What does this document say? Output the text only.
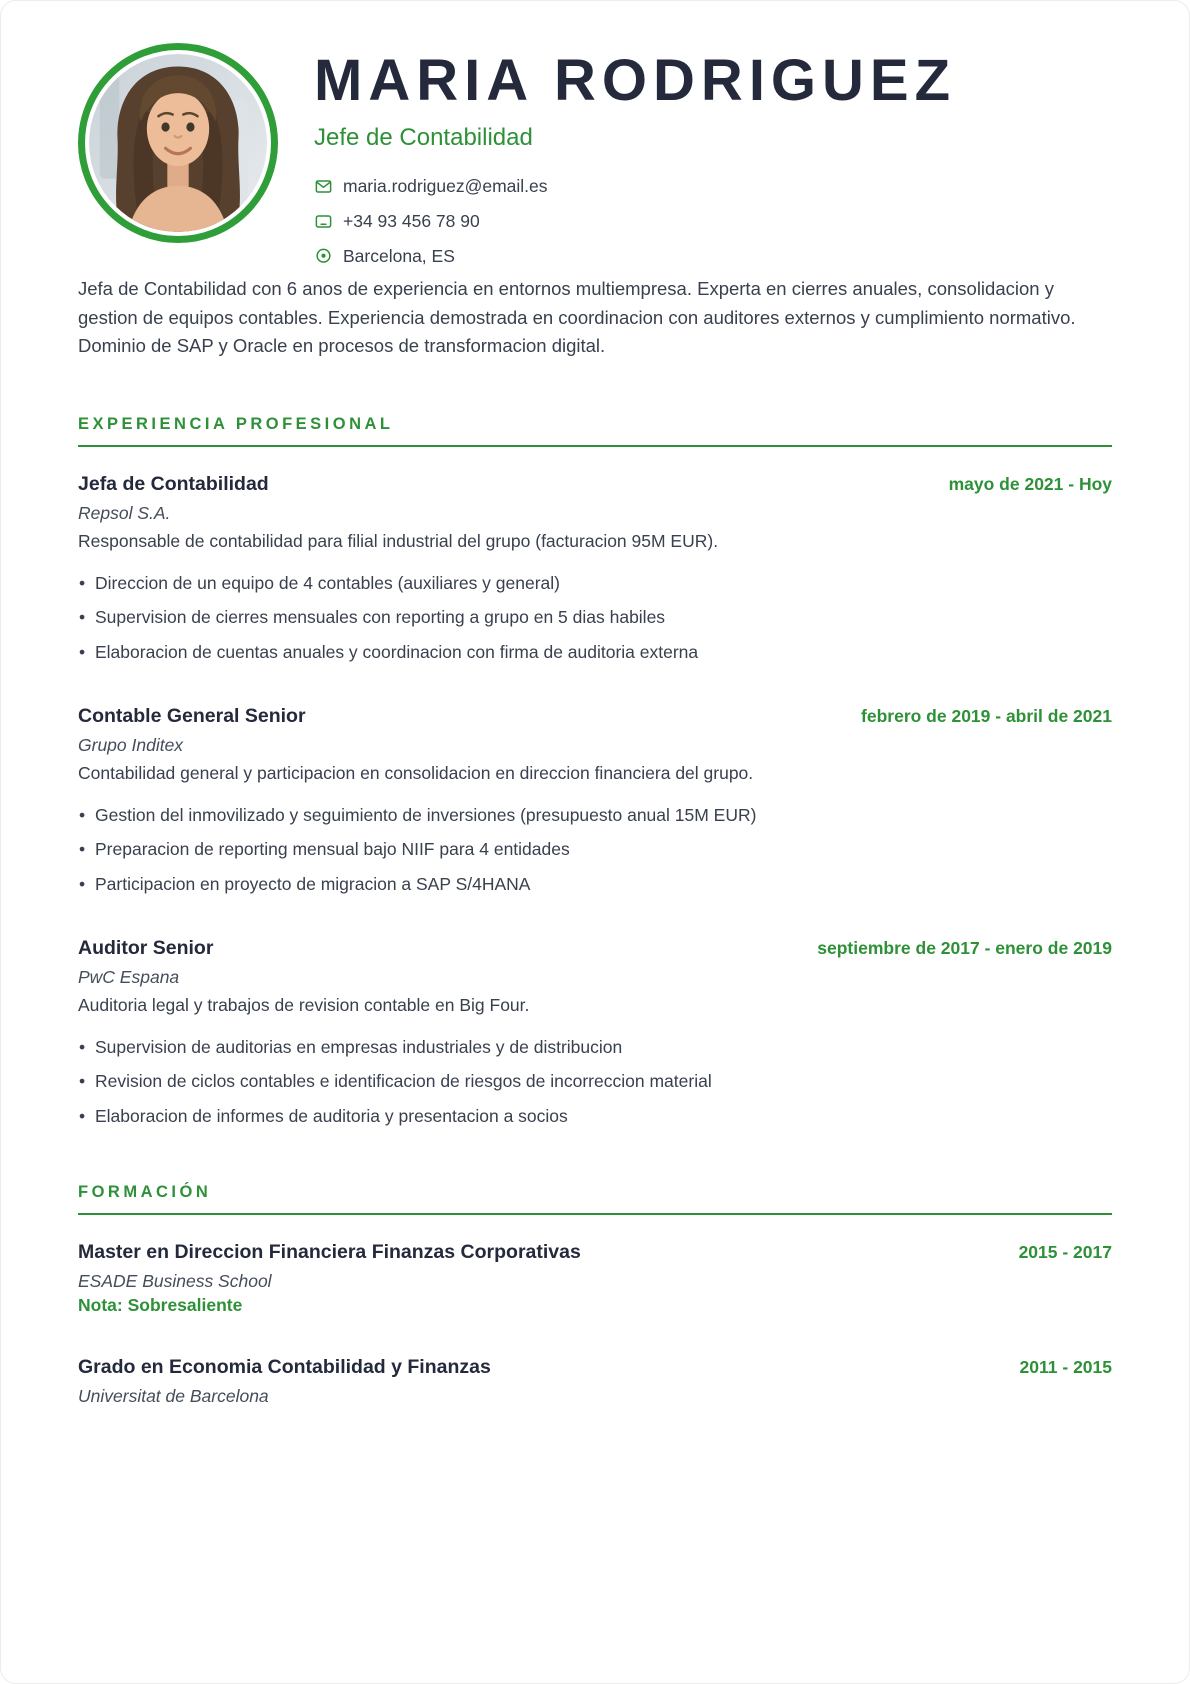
MARIA RODRIGUEZ
Jefe de Contabilidad
maria.rodriguez@email.es
+34 93 456 78 90
Barcelona, ES

Jefa de Contabilidad con 6 anos de experiencia en entornos multiempresa. Experta en cierres anuales, consolidacion y gestion de equipos contables. Experiencia demostrada en coordinacion con auditores externos y cumplimiento normativo. Dominio de SAP y Oracle en procesos de transformacion digital.

EXPERIENCIA PROFESIONAL
Jefa de Contabilidad	mayo de 2021 - Hoy
Repsol S.A.
Responsable de contabilidad para filial industrial del grupo (facturacion 95M EUR).
• Direccion de un equipo de 4 contables (auxiliares y general)
• Supervision de cierres mensuales con reporting a grupo en 5 dias habiles
• Elaboracion de cuentas anuales y coordinacion con firma de auditoria externa
Contable General Senior	febrero de 2019 - abril de 2021
Grupo Inditex
Contabilidad general y participacion en consolidacion en direccion financiera del grupo.
• Gestion del inmovilizado y seguimiento de inversiones (presupuesto anual 15M EUR)
• Preparacion de reporting mensual bajo NIIF para 4 entidades
• Participacion en proyecto de migracion a SAP S/4HANA
Auditor Senior	septiembre de 2017 - enero de 2019
PwC Espana
Auditoria legal y trabajos de revision contable en Big Four.
• Supervision de auditorias en empresas industriales y de distribucion
• Revision de ciclos contables e identificacion de riesgos de incorreccion material
• Elaboracion de informes de auditoria y presentacion a socios
FORMACIÓN
Master en Direccion Financiera Finanzas Corporativas	2015 - 2017
ESADE Business School
Nota: Sobresaliente
Grado en Economia Contabilidad y Finanzas	2011 - 2015
Universitat de Barcelona
